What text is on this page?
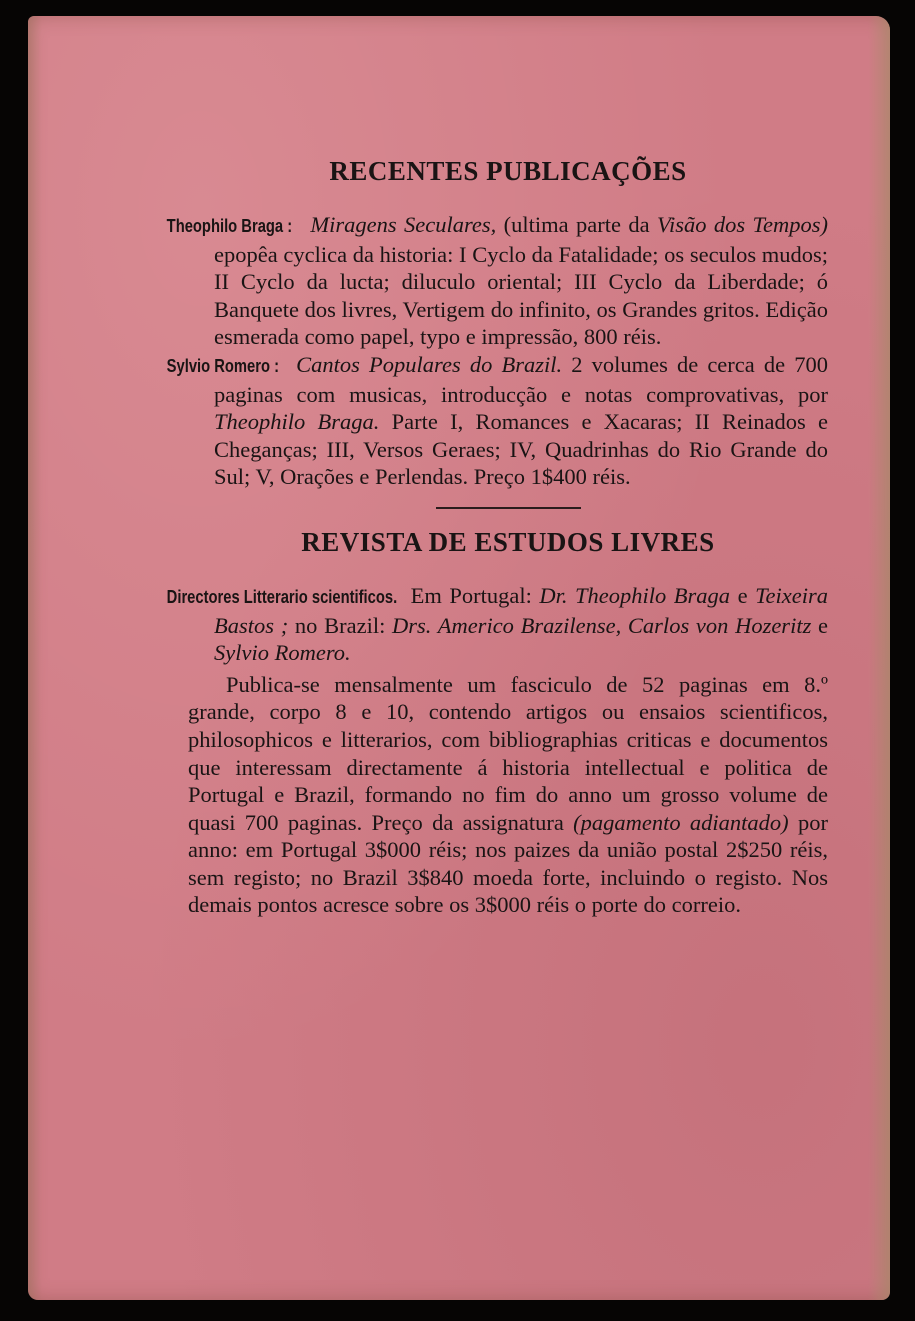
RECENTES PUBLICAÇÕES

Theophilo Braga : Miragens Seculares, (ultima parte da Visão dos Tempos) epopêa cyclica da historia: I Cyclo da Fatalidade; os seculos mudos; II Cyclo da lucta; diluculo oriental; III Cyclo da Liberdade; ó Banquete dos livres, Vertigem do infinito, os Grandes gritos. Edição esmerada como papel, typo e impressão, 800 réis.

Sylvio Romero : Cantos Populares do Brazil. 2 volumes de cerca de 700 paginas com musicas, introducção e notas comprovativas, por Theophilo Braga. Parte I, Romances e Xacaras; II Reinados e Cheganças; III, Versos Geraes; IV, Quadrinhas do Rio Grande do Sul; V, Orações e Perlendas. Preço 1$400 réis.

REVISTA DE ESTUDOS LIVRES

Directores Litterario scientificos. Em Portugal: Dr. Theophilo Braga e Teixeira Bastos ; no Brazil: Drs. Americo Brazilense, Carlos von Hozeritz e Sylvio Romero.

Publica-se mensalmente um fasciculo de 52 paginas em 8.º grande, corpo 8 e 10, contendo artigos ou ensaios scientificos, philosophicos e litterarios, com bibliographias criticas e documentos que interessam directamente á historia intellectual e politica de Portugal e Brazil, formando no fim do anno um grosso volume de quasi 700 paginas. Preço da assignatura (pagamento adiantado) por anno: em Portugal 3$000 réis; nos paizes da união postal 2$250 réis, sem registo; no Brazil 3$840 moeda forte, incluindo o registo. Nos demais pontos acresce sobre os 3$000 réis o porte do correio.
